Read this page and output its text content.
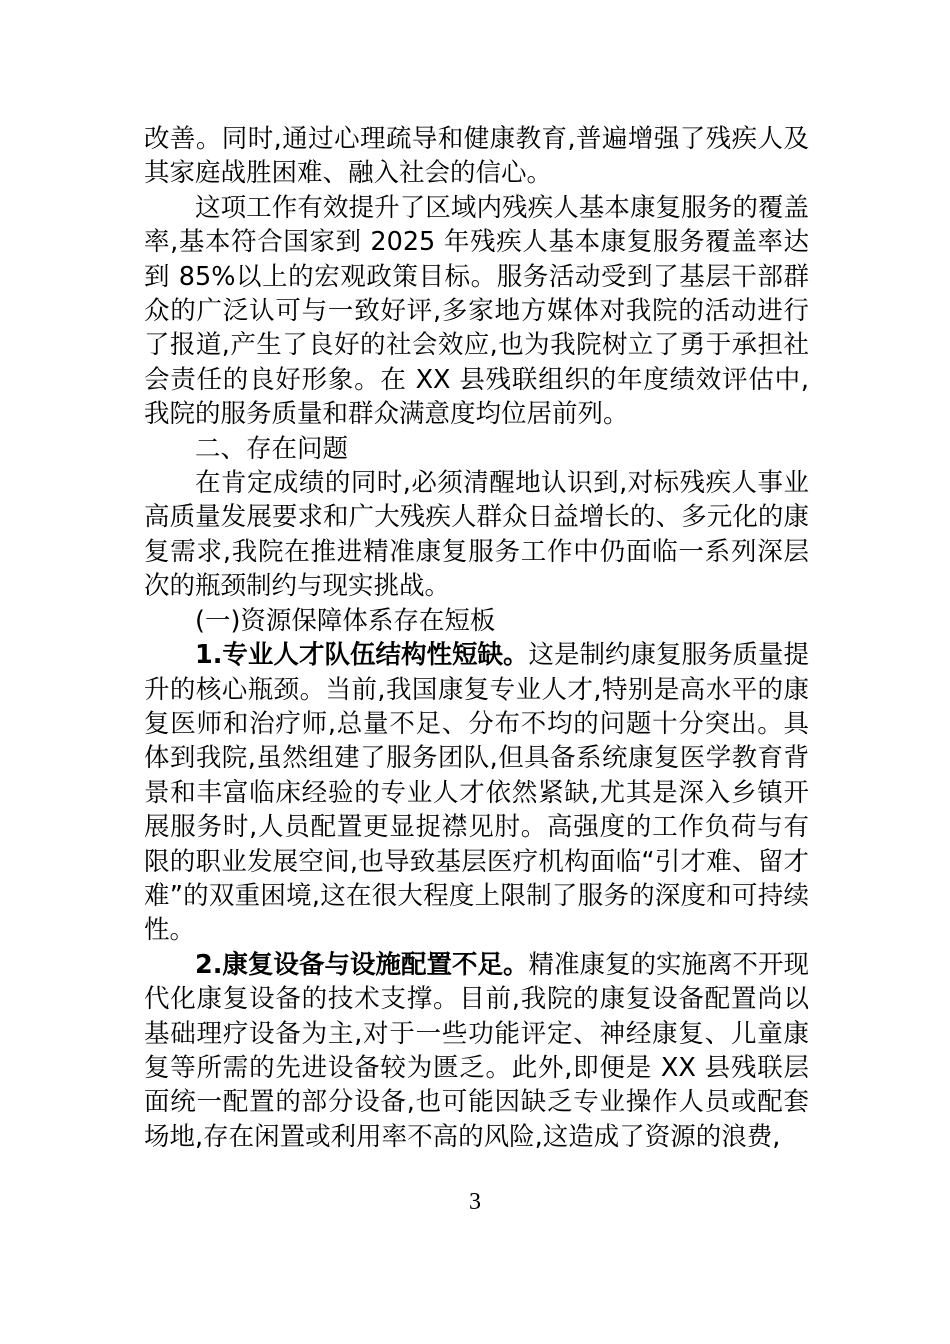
改善。同时,通过心理疏导和健康教育,普遍增强了残疾人及其家庭战胜困难、融入社会的信心。

这项工作有效提升了区域内残疾人基本康复服务的覆盖率,基本符合国家到 2025 年残疾人基本康复服务覆盖率达到 85%以上的宏观政策目标。服务活动受到了基层干部群众的广泛认可与一致好评,多家地方媒体对我院的活动进行了报道,产生了良好的社会效应,也为我院树立了勇于承担社会责任的良好形象。在 XX 县残联组织的年度绩效评估中,我院的服务质量和群众满意度均位居前列。

二、存在问题

在肯定成绩的同时,必须清醒地认识到,对标残疾人事业高质量发展要求和广大残疾人群众日益增长的、多元化的康复需求,我院在推进精准康复服务工作中仍面临一系列深层次的瓶颈制约与现实挑战。

(一)资源保障体系存在短板

1.专业人才队伍结构性短缺。这是制约康复服务质量提升的核心瓶颈。当前,我国康复专业人才,特别是高水平的康复医师和治疗师,总量不足、分布不均的问题十分突出。具体到我院,虽然组建了服务团队,但具备系统康复医学教育背景和丰富临床经验的专业人才依然紧缺,尤其是深入乡镇开展服务时,人员配置更显捉襟见肘。高强度的工作负荷与有限的职业发展空间,也导致基层医疗机构面临“引才难、留才难”的双重困境,这在很大程度上限制了服务的深度和可持续性。

2.康复设备与设施配置不足。精准康复的实施离不开现代化康复设备的技术支撑。目前,我院的康复设备配置尚以基础理疗设备为主,对于一些功能评定、神经康复、儿童康复等所需的先进设备较为匮乏。此外,即便是 XX 县残联层面统一配置的部分设备,也可能因缺乏专业操作人员或配套场地,存在闲置或利用率不高的风险,这造成了资源的浪费,

3
